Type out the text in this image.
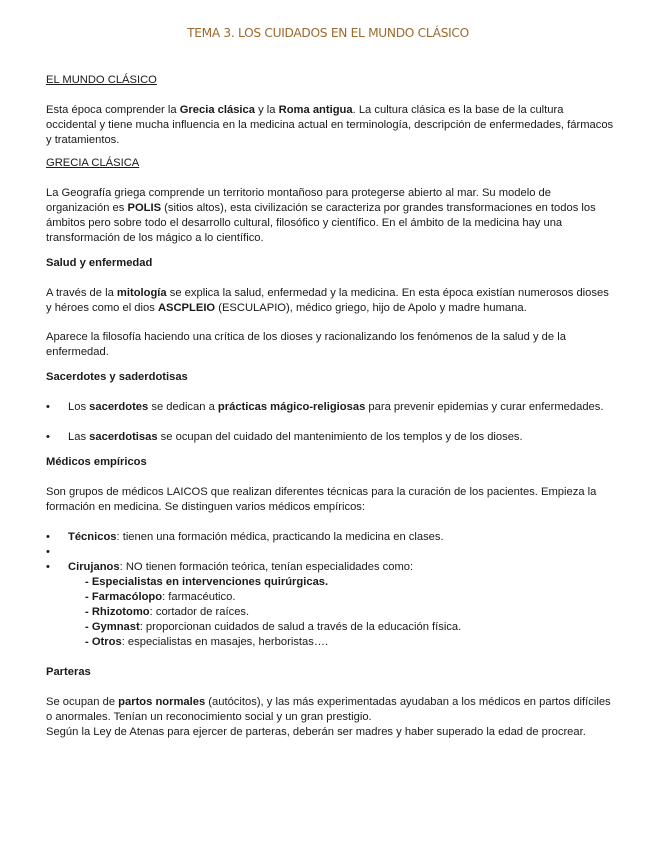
TEMA 3. LOS CUIDADOS EN EL MUNDO CLÁSICO

EL MUNDO CLÁSICO

Esta época comprender la Grecia clásica y la Roma antigua. La cultura clásica es la base de la cultura occidental y tiene mucha influencia en la medicina actual en terminología, descripción de enfermedades, fármacos y tratamientos.

GRECIA CLÁSICA

La Geografía griega comprende un territorio montañoso para protegerse abierto al mar. Su modelo de organización es POLIS (sitios altos), esta civilización se caracteriza por grandes transformaciones en todos los ámbitos pero sobre todo el desarrollo cultural, filosófico y científico. En el ámbito de la medicina hay una transformación de los mágico a lo científico.

Salud y enfermedad

A través de la mitología se explica la salud, enfermedad y la medicina. En esta época existían numerosos dioses y héroes como el dios ASCPLEIO (ESCULAPIO), médico griego, hijo de Apolo y madre humana.

Aparece la filosofía haciendo una crítica de los dioses y racionalizando los fenómenos de la salud y de la enfermedad.

Sacerdotes y saderdotisas

• Los sacerdotes se dedican a prácticas mágico-religiosas para prevenir epidemias y curar enfermedades.
• Las sacerdotisas se ocupan del cuidado del mantenimiento de los templos y de los dioses.

Médicos empíricos

Son grupos de médicos LAICOS que realizan diferentes técnicas para la curación de los pacientes. Empieza la formación en medicina. Se distinguen varios médicos empíricos:

• Técnicos: tienen una formación médica, practicando la medicina en clases.
•
• Cirujanos: NO tienen formación teórica, tenían especialidades como:
- Especialistas en intervenciones quirúrgicas.
- Farmacólopo: farmacéutico.
- Rhizotomo: cortador de raíces.
- Gymnast: proporcionan cuidados de salud a través de la educación física.
- Otros: especialistas en masajes, herboristas….

Parteras

Se ocupan de partos normales (autócitos), y las más experimentadas ayudaban a los médicos en partos difíciles o anormales. Tenían un reconocimiento social y un gran prestigio.

Según la Ley de Atenas para ejercer de parteras, deberán ser madres y haber superado la edad de procrear.
